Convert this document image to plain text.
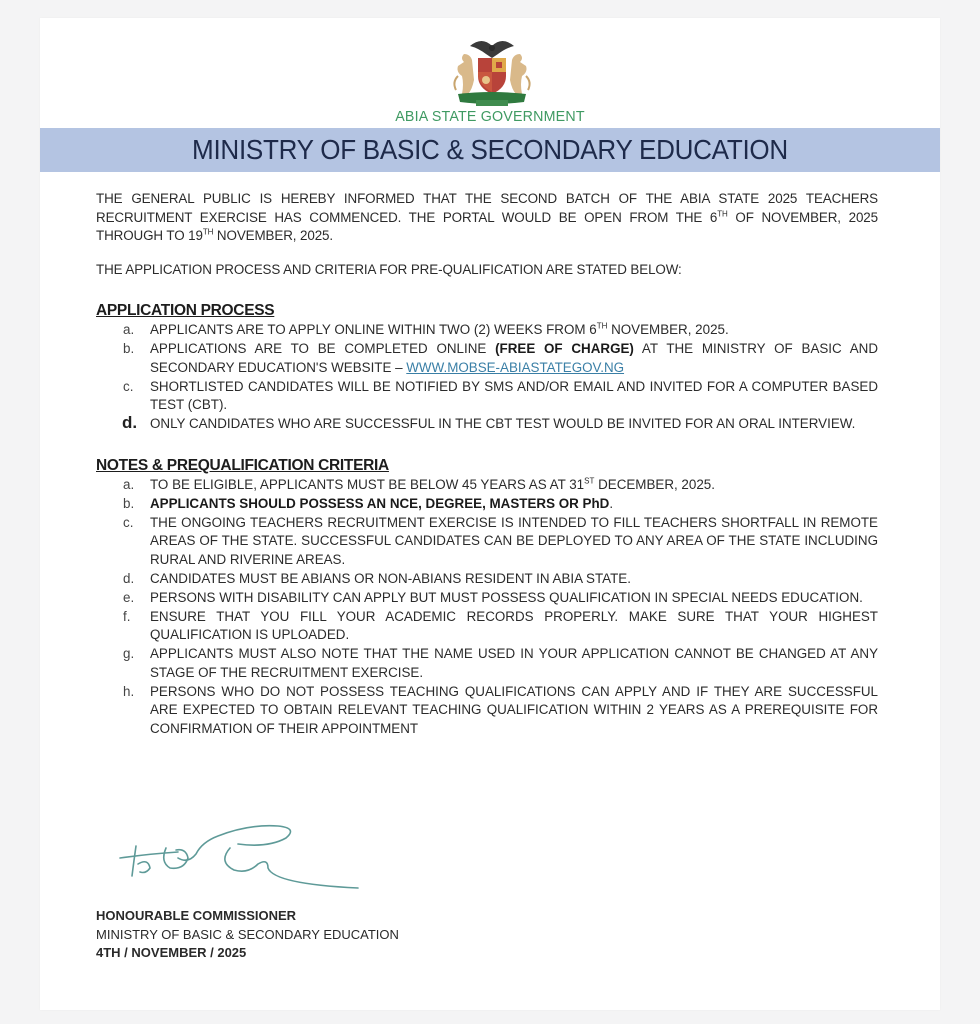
ABIA STATE GOVERNMENT
MINISTRY OF BASIC & SECONDARY EDUCATION

THE GENERAL PUBLIC IS HEREBY INFORMED THAT THE SECOND BATCH OF THE ABIA STATE 2025 TEACHERS RECRUITMENT EXERCISE HAS COMMENCED. THE PORTAL WOULD BE OPEN FROM THE 6TH OF NOVEMBER, 2025 THROUGH TO 19TH NOVEMBER, 2025.

THE APPLICATION PROCESS AND CRITERIA FOR PRE-QUALIFICATION ARE STATED BELOW:

APPLICATION PROCESS
a. APPLICANTS ARE TO APPLY ONLINE WITHIN TWO (2) WEEKS FROM 6TH NOVEMBER, 2025.
b. APPLICATIONS ARE TO BE COMPLETED ONLINE (FREE OF CHARGE) AT THE MINISTRY OF BASIC AND SECONDARY EDUCATION'S WEBSITE – WWW.MOBSE-ABIASTATEGOV.NG
c. SHORTLISTED CANDIDATES WILL BE NOTIFIED BY SMS AND/OR EMAIL AND INVITED FOR A COMPUTER BASED TEST (CBT).
d. ONLY CANDIDATES WHO ARE SUCCESSFUL IN THE CBT TEST WOULD BE INVITED FOR AN ORAL INTERVIEW.
NOTES & PREQUALIFICATION CRITERIA
a. TO BE ELIGIBLE, APPLICANTS MUST BE BELOW 45 YEARS AS AT 31ST DECEMBER, 2025.
b. APPLICANTS SHOULD POSSESS AN NCE, DEGREE, MASTERS OR PhD.
c. THE ONGOING TEACHERS RECRUITMENT EXERCISE IS INTENDED TO FILL TEACHERS SHORTFALL IN REMOTE AREAS OF THE STATE. SUCCESSFUL CANDIDATES CAN BE DEPLOYED TO ANY AREA OF THE STATE INCLUDING RURAL AND RIVERINE AREAS.
d. CANDIDATES MUST BE ABIANS OR NON-ABIANS RESIDENT IN ABIA STATE.
e. PERSONS WITH DISABILITY CAN APPLY BUT MUST POSSESS QUALIFICATION IN SPECIAL NEEDS EDUCATION.
f. ENSURE THAT YOU FILL YOUR ACADEMIC RECORDS PROPERLY. MAKE SURE THAT YOUR HIGHEST QUALIFICATION IS UPLOADED.
g. APPLICANTS MUST ALSO NOTE THAT THE NAME USED IN YOUR APPLICATION CANNOT BE CHANGED AT ANY STAGE OF THE RECRUITMENT EXERCISE.
h. PERSONS WHO DO NOT POSSESS TEACHING QUALIFICATIONS CAN APPLY AND IF THEY ARE SUCCESSFUL ARE EXPECTED TO OBTAIN RELEVANT TEACHING QUALIFICATION WITHIN 2 YEARS AS A PREREQUISITE FOR CONFIRMATION OF THEIR APPOINTMENT
HONOURABLE COMMISSIONER
MINISTRY OF BASIC & SECONDARY EDUCATION
4TH / NOVEMBER / 2025
